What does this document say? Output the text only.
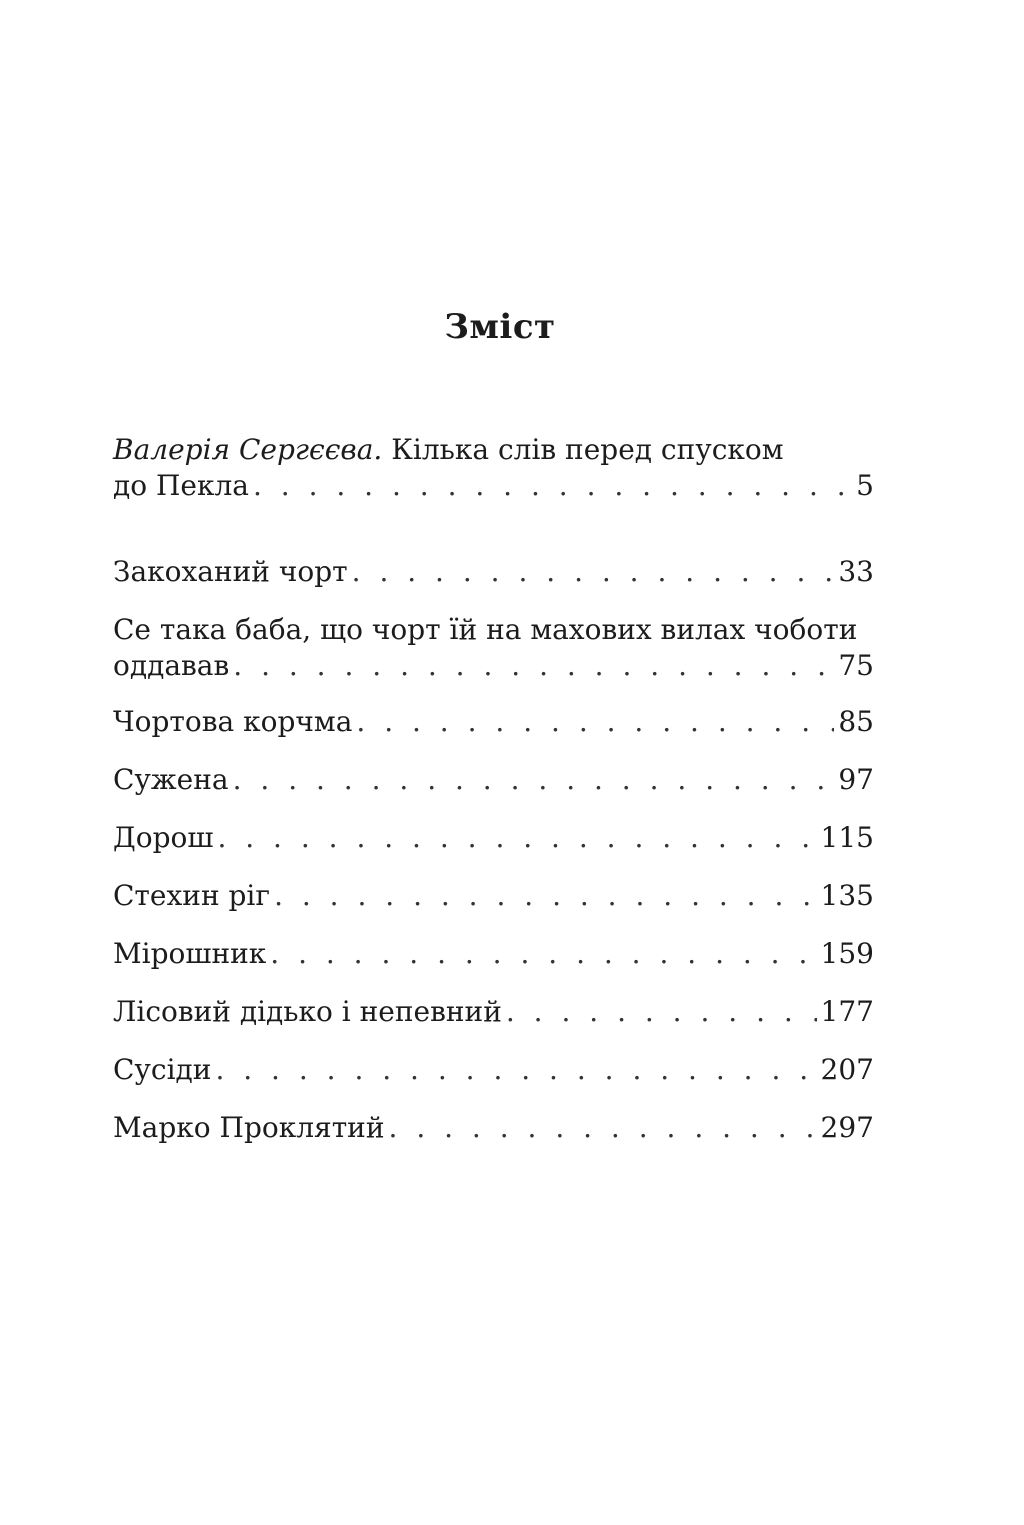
Зміст
Валерія Сергєєва. Кілька слів перед спуском
до Пекла . . .	5
Закоханий чорт . . .	33
Се така баба, що чорт їй на махових вилах чоботи
оддавав . . .	75
Чортова корчма . . .	85
Сужена . . .	97
Дорош . . .	115
Стехин ріг . . .	135
Мірошник . . .	159
Лісовий дідько і непевний . . .	177
Сусіди . . .	207
Марко Проклятий . . .	297
